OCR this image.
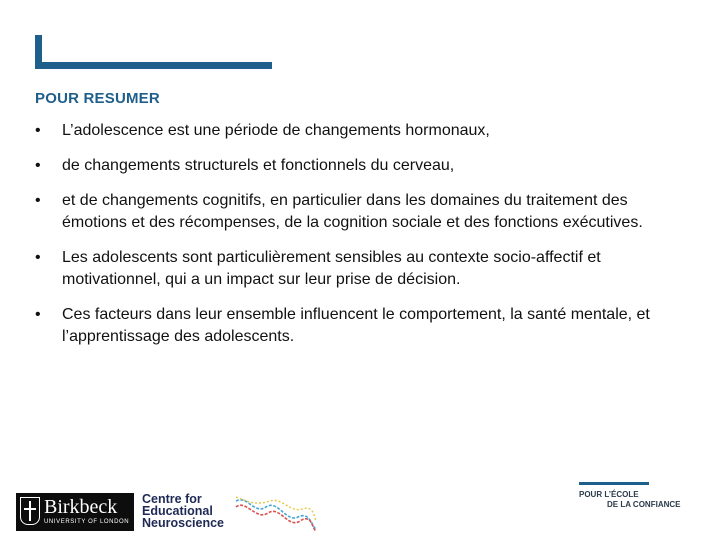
POUR RESUMER
• L’adolescence est une période de changements hormonaux,
• de changements structurels et fonctionnels du cerveau,
• et de changements cognitifs, en particulier dans les domaines du traitement des émotions et des récompenses, de la cognition sociale et des fonctions exécutives.
• Les adolescents sont particulièrement sensibles au contexte socio-affectif et motivationnel, qui a un impact sur leur prise de décision.
• Ces facteurs dans leur ensemble influencent le comportement, la santé mentale, et l’apprentissage des adolescents.
Birkbeck
UNIVERSITY OF LONDON
Centre for
Educational
Neuroscience
POUR L’ÉCOLE
DE LA CONFIANCE
